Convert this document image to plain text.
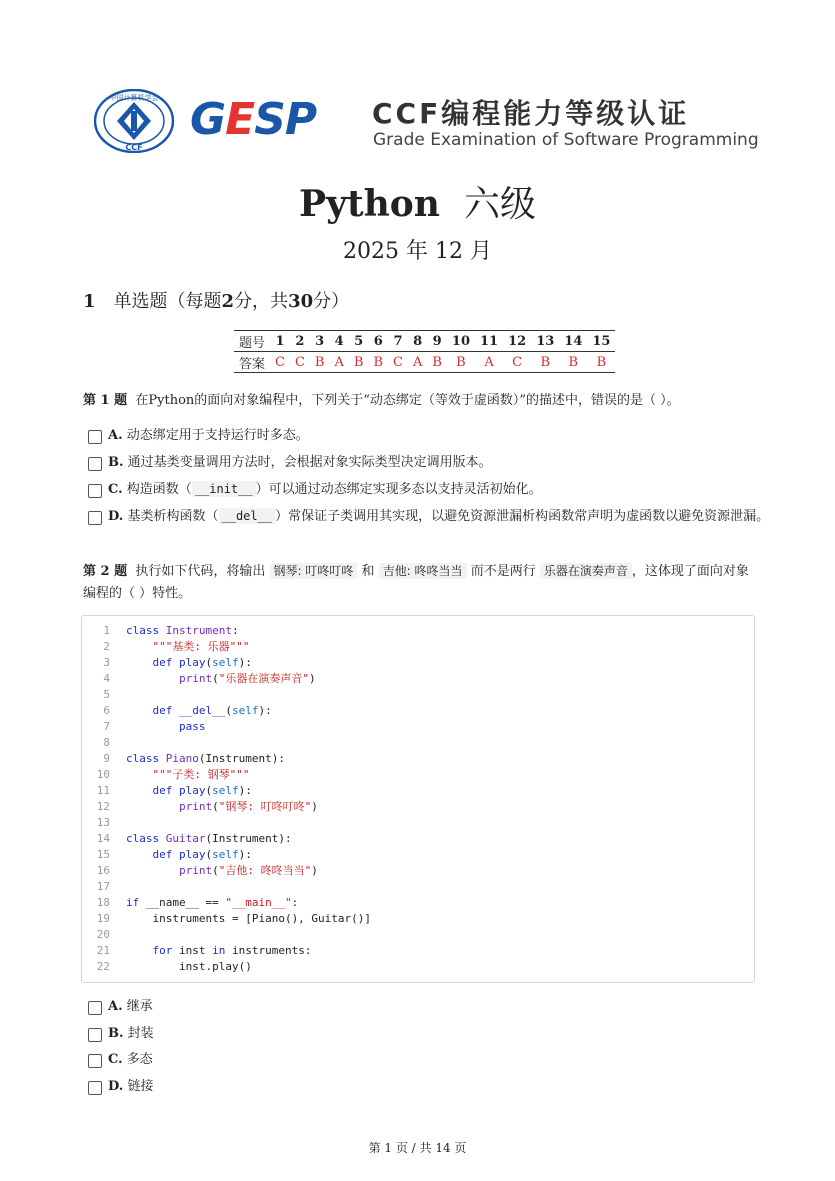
中国计算机学会
CCF
GESP	CCF编程能力等级认证
Grade Examination of Software Programming
Python 六级
2025 年 12 月
1 单选题（每题2分，共30分）
题号	1	2	3	4	5	6	7	8	9	10	11	12	13	14	15
答案	C	C	B	A	B	B	C	A	B	B	A	C	B	B	B
第 1 题 在Python的面向对象编程中，下列关于“动态绑定（等效于虚函数）”的描述中，错误的是（ ）。
A. 动态绑定用于支持运行时多态。
B. 通过基类变量调用方法时，会根据对象实际类型决定调用版本。
C. 构造函数（ __init__ ）可以通过动态绑定实现多态以支持灵活初始化。
D. 基类析构函数（ __del__ ）常保证子类调用其实现，以避免资源泄漏析构函数常声明为虚函数以避免资源泄漏。
第 2 题 执行如下代码，将输出 钢琴: 叮咚叮咚 和 吉他: 咚咚当当 而不是两行 乐器在演奏声音 ，这体现了面向对象编程的（ ）特性。
1 class Instrument:
2	"""基类: 乐器"""
3	def play(self):
4	print("乐器在演奏声音")
5
6	def __del__(self):
7	pass
8
9 class Piano(Instrument):
10	"""子类: 钢琴"""
11	def play(self):
12	print("钢琴: 叮咚叮咚")
13
14 class Guitar(Instrument):
15	def play(self):
16	print("吉他: 咚咚当当")
17
18 if __name__ == "__main__":
19 instruments = [Piano(), Guitar()]
20
21	for inst in instruments:
22 inst.play()
A. 继承
B. 封装
C. 多态
D. 链接
第 1 页 / 共 14 页
